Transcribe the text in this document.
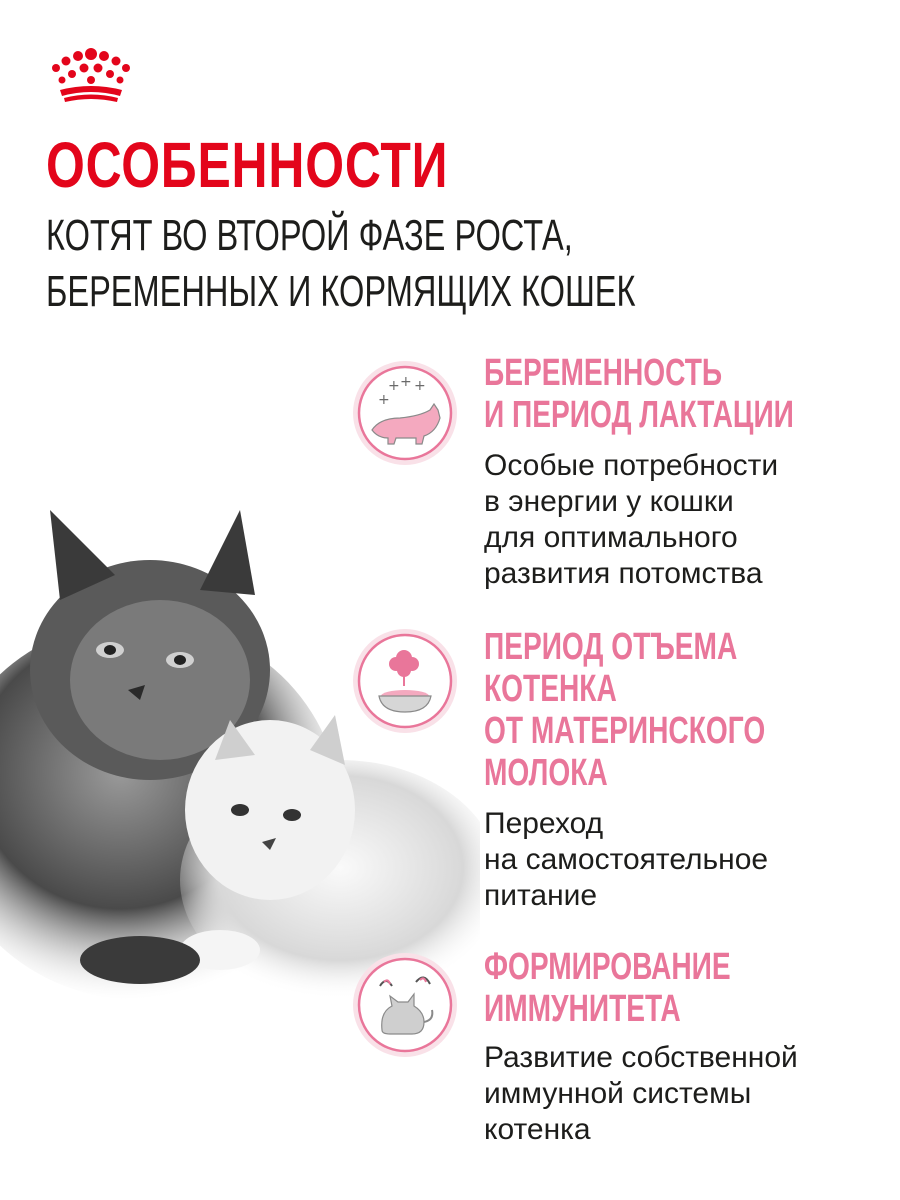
ОСОБЕННОСТИ
КОТЯТ ВО ВТОРОЙ ФАЗЕ РОСТА,
БЕРЕМЕННЫХ И КОРМЯЩИХ КОШЕК
+ + +
+
БЕРЕМЕННОСТЬ
И ПЕРИОД ЛАКТАЦИИ
Особые потребности
в энергии у кошки
для оптимального
развития потомства
ПЕРИОД ОТЪЕМА
КОТЕНКА
ОТ МАТЕРИНСКОГО
МОЛОКА
Переход
на самостоятельное
питание
ФОРМИРОВАНИЕ
ИММУНИТЕТА
Развитие собственной
иммунной системы
котенка
